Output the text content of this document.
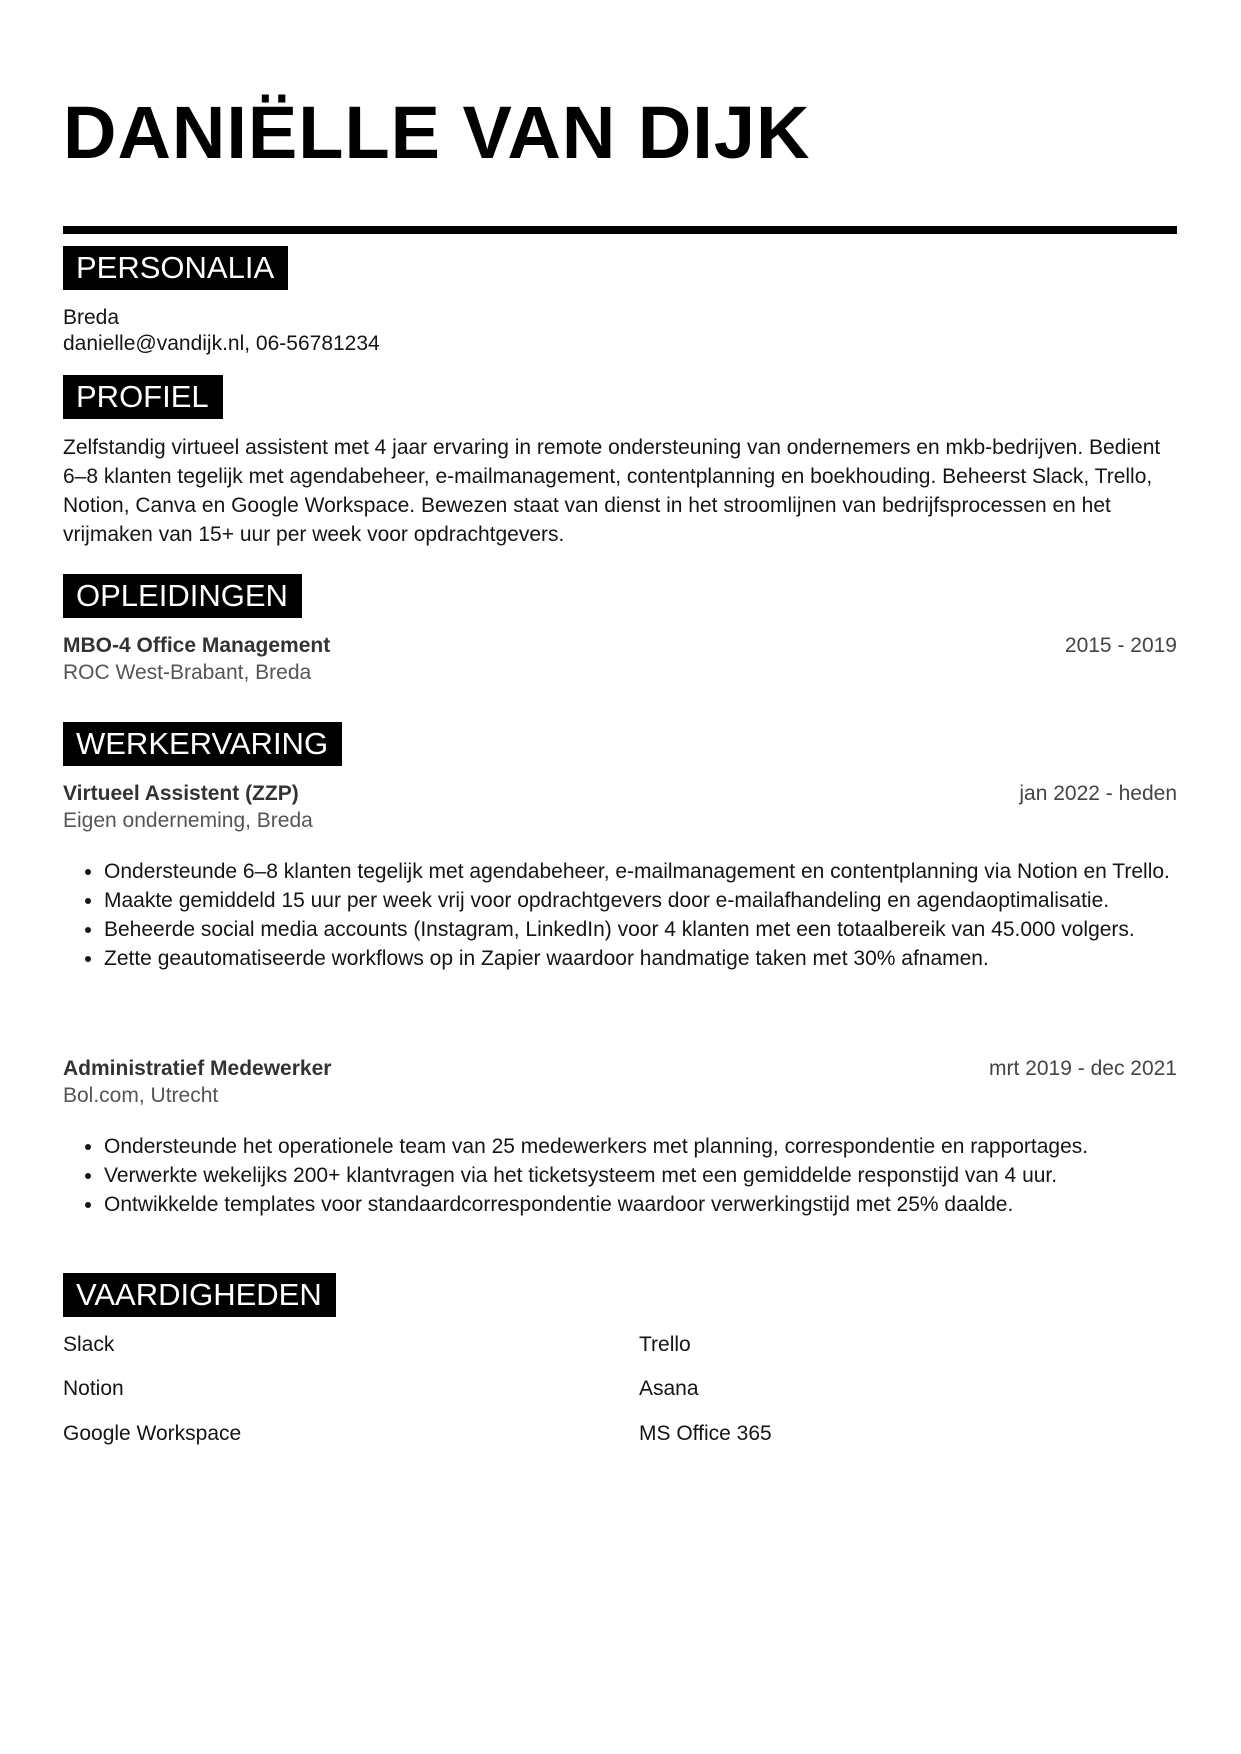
DANIËLLE VAN DIJK
PERSONALIA
Breda
danielle@vandijk.nl, 06-56781234
PROFIEL
Zelfstandig virtueel assistent met 4 jaar ervaring in remote ondersteuning van ondernemers en mkb-bedrijven. Bedient 6–8 klanten tegelijk met agendabeheer, e-mailmanagement, contentplanning en boekhouding. Beheerst Slack, Trello, Notion, Canva en Google Workspace. Bewezen staat van dienst in het stroomlijnen van bedrijfsprocessen en het vrijmaken van 15+ uur per week voor opdrachtgevers.
OPLEIDINGEN
MBO-4 Office Management	2015 - 2019
ROC West-Brabant, Breda
WERKERVARING
Virtueel Assistent (ZZP)	jan 2022 - heden
Eigen onderneming, Breda
• Ondersteunde 6–8 klanten tegelijk met agendabeheer, e-mailmanagement en contentplanning via Notion en Trello.
• Maakte gemiddeld 15 uur per week vrij voor opdrachtgevers door e-mailafhandeling en agendaoptimalisatie.
• Beheerde social media accounts (Instagram, LinkedIn) voor 4 klanten met een totaalbereik van 45.000 volgers.
• Zette geautomatiseerde workflows op in Zapier waardoor handmatige taken met 30% afnamen.
Administratief Medewerker	mrt 2019 - dec 2021
Bol.com, Utrecht
• Ondersteunde het operationele team van 25 medewerkers met planning, correspondentie en rapportages.
• Verwerkte wekelijks 200+ klantvragen via het ticketsysteem met een gemiddelde responstijd van 4 uur.
• Ontwikkelde templates voor standaardcorrespondentie waardoor verwerkingstijd met 25% daalde.
VAARDIGHEDEN
Slack	Trello
Notion	Asana
Google Workspace	MS Office 365
